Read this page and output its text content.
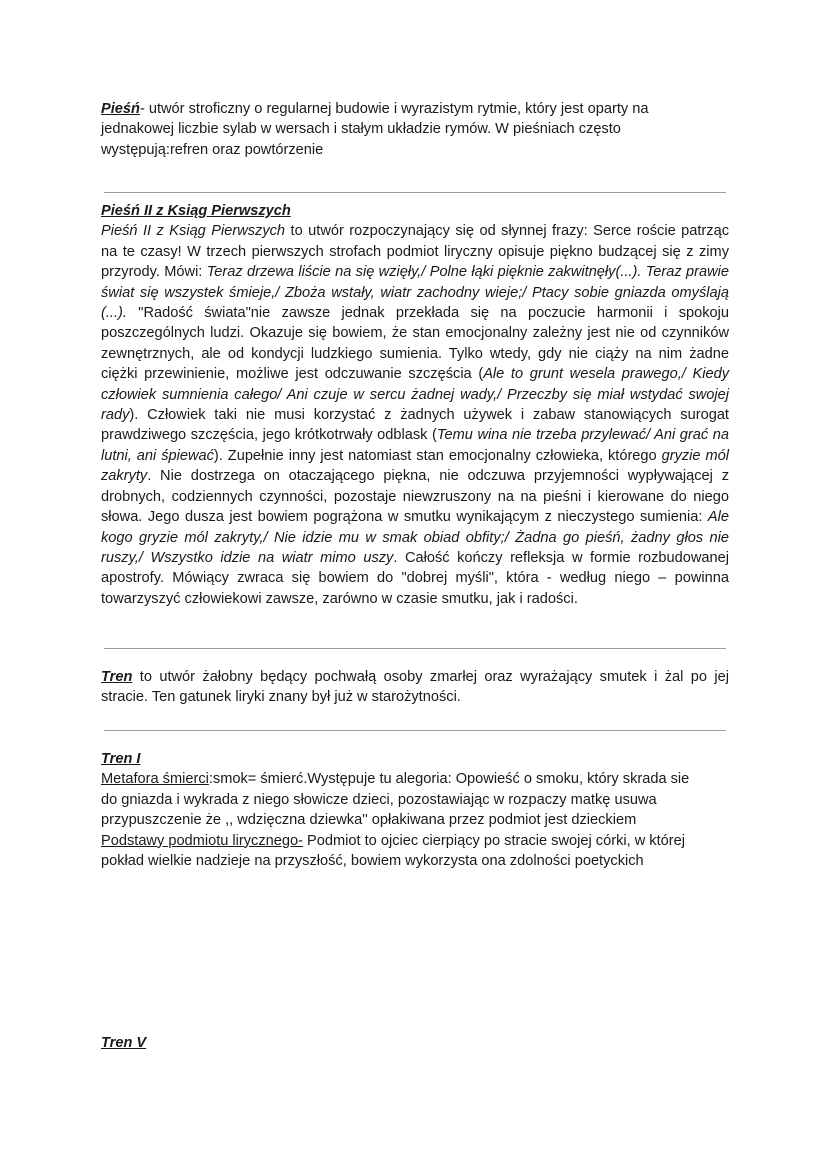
Pieśń- utwór stroficzny o regularnej budowie i wyrazistym rytmie, który jest oparty na
jednakowej liczbie sylab w wersach i stałym układzie rymów. W pieśniach często
występują:refren oraz powtórzenie
Pieśń II z Ksiąg Pierwszych
Pieśń II z Ksiąg Pierwszych to utwór rozpoczynający się od słynnej frazy: Serce roście patrząc na te czasy! W trzech pierwszych strofach podmiot liryczny opisuje piękno budzącej się z zimy przyrody. Mówi: Teraz drzewa liście na się wzięły,/ Polne łąki pięknie zakwitnęły(...). Teraz prawie świat się wszystek śmieje,/ Zboża wstały, wiatr zachodny wieje;/ Ptacy sobie gniazda omyślają (...). "Radość świata"nie zawsze jednak przekłada się na poczucie harmonii i spokoju poszczególnych ludzi. Okazuje się bowiem, że stan emocjonalny zależny jest nie od czynników zewnętrznych, ale od kondycji ludzkiego sumienia. Tylko wtedy, gdy nie ciąży na nim żadne ciężki przewinienie, możliwe jest odczuwanie szczęścia (Ale to grunt wesela prawego,/ Kiedy człowiek sumnienia całego/ Ani czuje w sercu żadnej wady,/ Przeczby się miał wstydać swojej rady). Człowiek taki nie musi korzystać z żadnych używek i zabaw stanowiących surogat prawdziwego szczęścia, jego krótkotrwały odblask (Temu wina nie trzeba przylewać/ Ani grać na lutni, ani śpiewać). Zupełnie inny jest natomiast stan emocjonalny człowieka, którego gryzie mól zakryty. Nie dostrzega on otaczającego piękna, nie odczuwa przyjemności wypływającej z drobnych, codziennych czynności, pozostaje niewzruszony na na pieśni i kierowane do niego słowa. Jego dusza jest bowiem pogrążona w smutku wynikającym z nieczystego sumienia: Ale kogo gryzie mól zakryty,/ Nie idzie mu w smak obiad obfity;/ Żadna go pieśń, żadny głos nie ruszy,/ Wszystko idzie na wiatr mimo uszy. Całość kończy refleksja w formie rozbudowanej apostrofy. Mówiący zwraca się bowiem do "dobrej myśli", która - według niego – powinna towarzyszyć człowiekowi zawsze, zarówno w czasie smutku, jak i radości.
Tren to utwór żałobny będący pochwałą osoby zmarłej oraz wyrażający smutek i żal po jej stracie. Ten gatunek liryki znany był już w starożytności.
Tren I
Metafora śmierci:smok= śmierć.Występuje tu alegoria: Opowieść o smoku, który skrada sie
do gniazda i wykrada z niego słowicze dzieci, pozostawiając w rozpaczy matkę usuwa
przypuszczenie że ,, wdzięczna dziewka'' opłakiwana przez podmiot jest dzieckiem
Podstawy podmiotu lirycznego- Podmiot to ojciec cierpiący po stracie swojej córki, w której
pokład wielkie nadzieje na przyszłość, bowiem wykorzysta ona zdolności poetyckich
Tren V
